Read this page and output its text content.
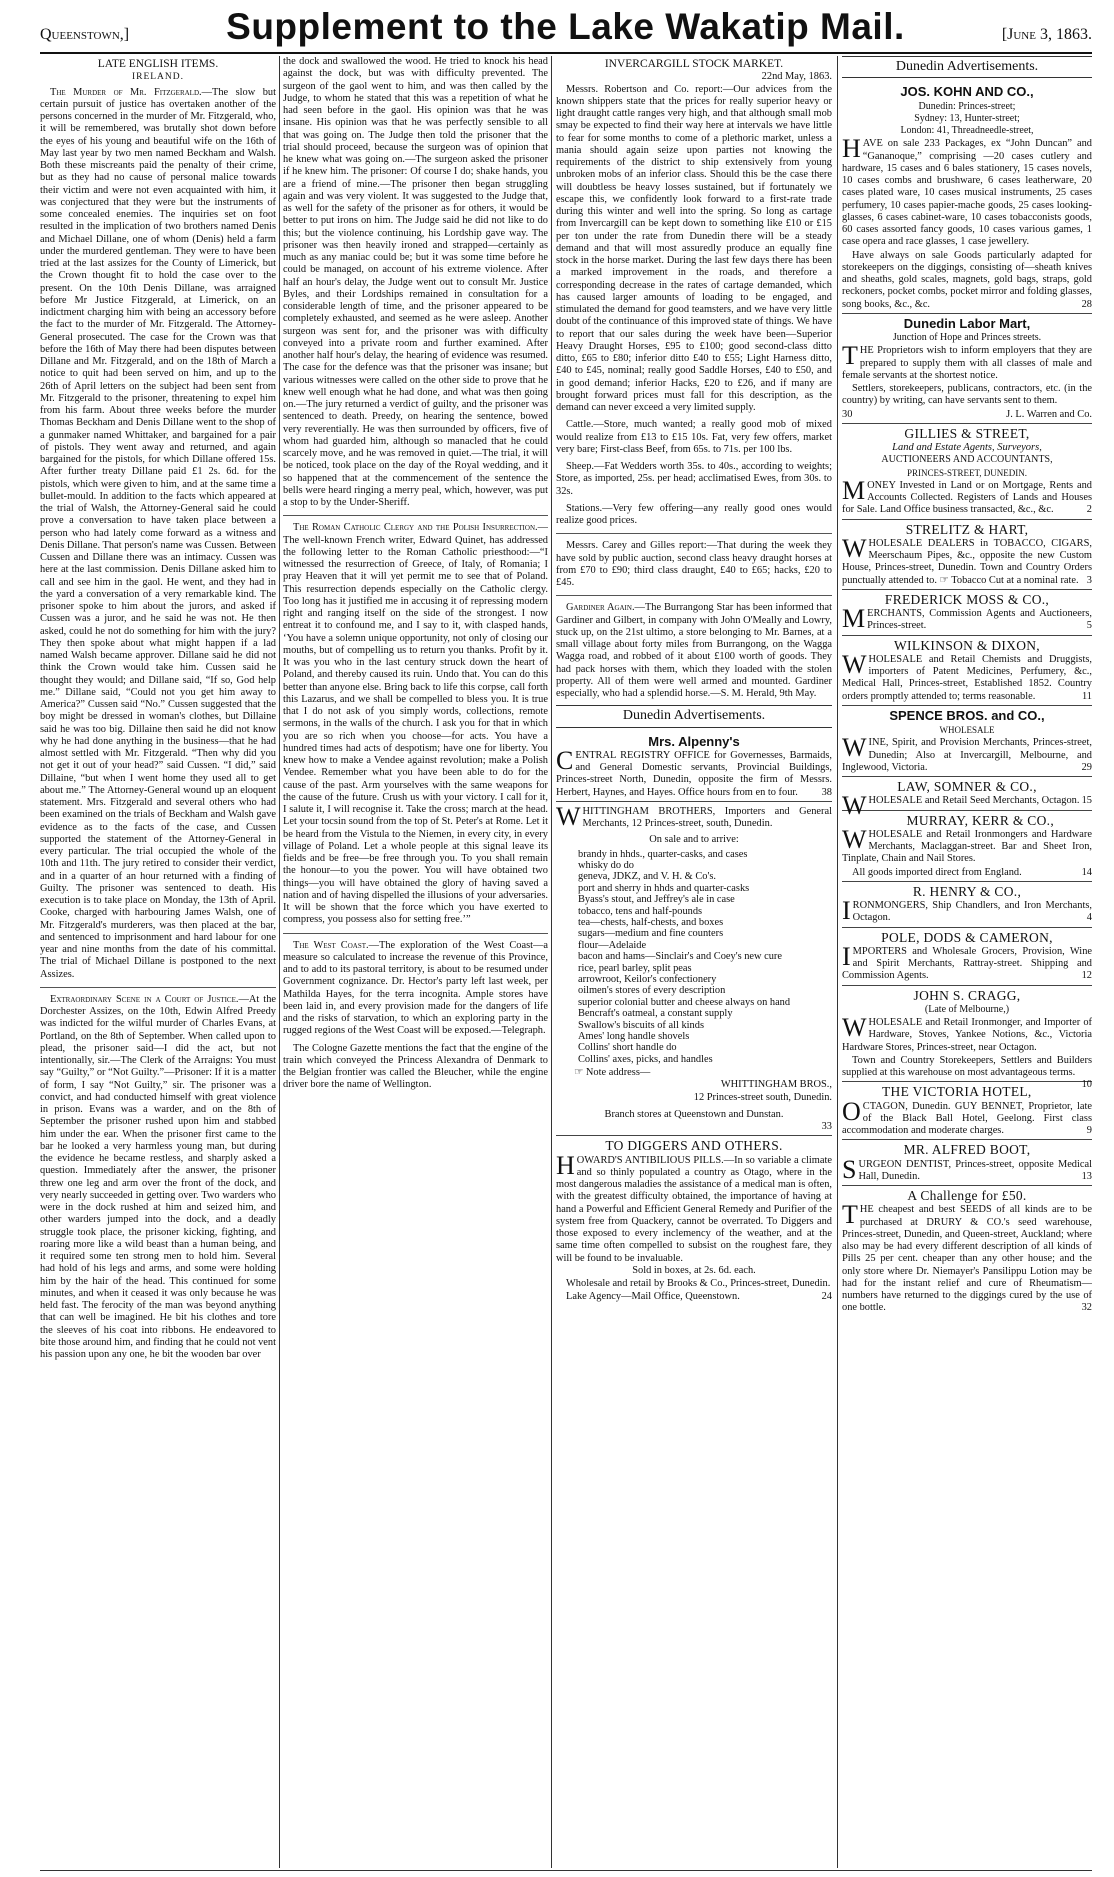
Queenstown,]	Supplement to the Lake Wakatip Mail.	[June 3, 1863.
LATE ENGLISH ITEMS.
IRELAND.

The Murder of Mr. Fitzgerald.—The slow but certain pursuit of justice has overtaken another of the persons concerned in the murder of Mr. Fitzgerald, who, it will be remembered, was brutally shot down before the eyes of his young and beautiful wife on the 16th of May last year by two men named Beckham and Walsh. Both these miscreants paid the penalty of their crime, but as they had no cause of personal malice towards their victim and were not even acquainted with him, it was conjectured that they were but the instruments of some concealed enemies. The inquiries set on foot resulted in the implication of two brothers named Denis and Michael Dillane, one of whom (Denis) held a farm under the murdered gentleman. They were to have been tried at the last assizes for the County of Limerick, but the Crown thought fit to hold the case over to the present. On the 10th Denis Dillane, was arraigned before Mr Justice Fitzgerald, at Limerick, on an indictment charging him with being an accessory before the fact to the murder of Mr. Fitzgerald. The Attorney-General prosecuted. The case for the Crown was that before the 16th of May there had been disputes between Dillane and Mr. Fitzgerald, and on the 18th of March a notice to quit had been served on him, and up to the 26th of April letters on the subject had been sent from Mr. Fitzgerald to the prisoner, threatening to expel him from his farm. About three weeks before the murder Thomas Beckham and Denis Dillane went to the shop of a gunmaker named Whittaker, and bargained for a pair of pistols. They went away and returned, and again bargained for the pistols, for which Dillane offered 15s. After further treaty Dillane paid £1 2s. 6d. for the pistols, which were given to him, and at the same time a bullet-mould. In addition to the facts which appeared at the trial of Walsh, the Attorney-General said he could prove a conversation to have taken place between a person who had lately come forward as a witness and Denis Dillane. That person's name was Cussen. Between Cussen and Dillane there was an intimacy. Cussen was here at the last commission. Denis Dillane asked him to call and see him in the gaol. He went, and they had in the yard a conversation of a very remarkable kind. The prisoner spoke to him about the jurors, and asked if Cussen was a juror, and he said he was not. He then asked, could he not do something for him with the jury? They then spoke about what might happen if a lad named Walsh became approver. Dillane said he did not think the Crown would take him. Cussen said he thought they would; and Dillane said, “If so, God help me.” Dillane said, “Could not you get him away to America?” Cussen said “No.” Cussen suggested that the boy might be dressed in woman's clothes, but Dillaine said he was too big. Dillaine then said he did not know why he had done anything in the business—that he had almost settled with Mr. Fitzgerald. “Then why did you not get it out of your head?” said Cussen. “I did,” said Dillaine, “but when I went home they used all to get about me.” The Attorney-General wound up an eloquent statement. Mrs. Fitzgerald and several others who had been examined on the trials of Beckham and Walsh gave evidence as to the facts of the case, and Cussen supported the statement of the Attorney-General in every particular. The trial occupied the whole of the 10th and 11th. The jury retired to consider their verdict, and in a quarter of an hour returned with a finding of Guilty. The prisoner was sentenced to death. His execution is to take place on Monday, the 13th of April. Cooke, charged with harbouring James Walsh, one of Mr. Fitzgerald's murderers, was then placed at the bar, and sentenced to imprisonment and hard labour for one year and nine months from the date of his committal. The trial of Michael Dillane is postponed to the next Assizes.

Extraordinary Scene in a Court of Justice.—At the Dorchester Assizes, on the 10th, Edwin Alfred Preedy was indicted for the wilful murder of Charles Evans, at Portland, on the 8th of September. When called upon to plead, the prisoner said—I did the act, but not intentionally, sir.—The Clerk of the Arraigns: You must say “Guilty,” or “Not Guilty.”—Prisoner: If it is a matter of form, I say “Not Guilty,” sir. The prisoner was a convict, and had conducted himself with great violence in prison. Evans was a warder, and on the 8th of September the prisoner rushed upon him and stabbed him under the ear. When the prisoner first came to the bar he looked a very harmless young man, but during the evidence he became restless, and sharply asked a question. Immediately after the answer, the prisoner threw one leg and arm over the front of the dock, and very nearly succeeded in getting over. Two warders who were in the dock rushed at him and seized him, and other warders jumped into the dock, and a deadly struggle took place, the prisoner kicking, fighting, and roaring more like a wild beast than a human being, and it required some ten strong men to hold him. Several had hold of his legs and arms, and some were holding him by the hair of the head. This continued for some minutes, and when it ceased it was only because he was held fast. The ferocity of the man was beyond anything that can well be imagined. He bit his clothes and tore the sleeves of his coat into ribbons. He endeavored to bite those around him, and finding that he could not vent his passion upon any one, he bit the wooden bar over

the dock and swallowed the wood. He tried to knock his head against the dock, but was with difficulty prevented. The surgeon of the gaol went to him, and was then called by the Judge, to whom he stated that this was a repetition of what he had seen before in the gaol. His opinion was that he was insane. His opinion was that he was perfectly sensible to all that was going on. The Judge then told the prisoner that the trial should proceed, because the surgeon was of opinion that he knew what was going on.—The surgeon asked the prisoner if he knew him. The prisoner: Of course I do; shake hands, you are a friend of mine.—The prisoner then began struggling again and was very violent. It was suggested to the Judge that, as well for the safety of the prisoner as for others, it would be better to put irons on him. The Judge said he did not like to do this; but the violence continuing, his Lordship gave way. The prisoner was then heavily ironed and strapped—certainly as much as any maniac could be; but it was some time before he could be managed, on account of his extreme violence. After half an hour's delay, the Judge went out to consult Mr. Justice Byles, and their Lordships remained in consultation for a considerable length of time, and the prisoner appeared to be completely exhausted, and seemed as he were asleep. Another surgeon was sent for, and the prisoner was with difficulty conveyed into a private room and further examined. After another half hour's delay, the hearing of evidence was resumed. The case for the defence was that the prisoner was insane; but various witnesses were called on the other side to prove that he knew well enough what he had done, and what was then going on.—The jury returned a verdict of guilty, and the prisoner was sentenced to death. Preedy, on hearing the sentence, bowed very reverentially. He was then surrounded by officers, five of whom had guarded him, although so manacled that he could scarcely move, and he was removed in quiet.—The trial, it will be noticed, took place on the day of the Royal wedding, and it so happened that at the commencement of the sentence the bells were heard ringing a merry peal, which, however, was put a stop to by the Under-Sheriff.

The Roman Catholic Clergy and the Polish Insurrection.—The well-known French writer, Edward Quinet, has addressed the following letter to the Roman Catholic priesthood:—“I witnessed the resurrection of Greece, of Italy, of Romania; I pray Heaven that it will yet permit me to see that of Poland. This resurrection depends especially on the Catholic clergy. Too long has it justified me in accusing it of repressing modern right and ranging itself on the side of the strongest. I now entreat it to confound me, and I say to it, with clasped hands, ‘You have a solemn unique opportunity, not only of closing our mouths, but of compelling us to return you thanks. Profit by it. It was you who in the last century struck down the heart of Poland, and thereby caused its ruin. Undo that. You can do this better than anyone else. Bring back to life this corpse, call forth this Lazarus, and we shall be compelled to bless you. It is true that I do not ask of you simply words, collections, remote sermons, in the walls of the church. I ask you for that in which you are so rich when you choose—for acts. You have a hundred times had acts of despotism; have one for liberty. You knew how to make a Vendee against revolution; make a Polish Vendee. Remember what you have been able to do for the cause of the past. Arm yourselves with the same weapons for the cause of the future. Crush us with your victory. I call for it, I salute it, I will recognise it. Take the cross; march at the head. Let your tocsin sound from the top of St. Peter's at Rome. Let it be heard from the Vistula to the Niemen, in every city, in every village of Poland. Let a whole people at this signal leave its fields and be free—be free through you. To you shall remain the honour—to you the power. You will have obtained two things—you will have obtained the glory of having saved a nation and of having dispelled the illusions of your adversaries. It will be shown that the force which you have exerted to compress, you possess also for setting free.’”

The West Coast.—The exploration of the West Coast—a measure so calculated to increase the revenue of this Province, and to add to its pastoral territory, is about to be resumed under Government cognizance. Dr. Hector's party left last week, per Mathilda Hayes, for the terra incognita. Ample stores have been laid in, and every provision made for the dangers of life and the risks of starvation, to which an exploring party in the rugged regions of the West Coast will be exposed.—Telegraph.

The Cologne Gazette mentions the fact that the engine of the train which conveyed the Princess Alexandra of Denmark to the Belgian frontier was called the Bleucher, while the engine driver bore the name of Wellington.

INVERCARGILL STOCK MARKET.
22nd May, 1863.

Messrs. Robertson and Co. report:—Our advices from the known shippers state that the prices for really superior heavy or light draught cattle ranges very high, and that although small mob smay be expected to find their way here at intervals we have little to fear for some months to come of a plethoric market, unless a mania should again seize upon parties not knowing the requirements of the district to ship extensively from young unbroken mobs of an inferior class. Should this be the case there will doubtless be heavy losses sustained, but if fortunately we escape this, we confidently look forward to a first-rate trade during this winter and well into the spring. So long as cartage from Invercargill can be kept down to something like £10 or £15 per ton under the rate from Dunedin there will be a steady demand and that will most assuredly produce an equally fine stock in the horse market. During the last few days there has been a marked improvement in the roads, and therefore a corresponding decrease in the rates of cartage demanded, which has caused larger amounts of loading to be engaged, and stimulated the demand for good teamsters, and we have very little doubt of the continuance of this improved state of things. We have to report that our sales during the week have been—Superior Heavy Draught Horses, £95 to £100; good second-class ditto ditto, £65 to £80; inferior ditto £40 to £55; Light Harness ditto, £40 to £45, nominal; really good Saddle Horses, £40 to £50, and in good demand; inferior Hacks, £20 to £26, and if many are brought forward prices must fall for this description, as the demand can never exceed a very limited supply.

Cattle.—Store, much wanted; a really good mob of mixed would realize from £13 to £15 10s. Fat, very few offers, market very bare; First-class Beef, from 65s. to 71s. per 100 lbs.

Sheep.—Fat Wedders worth 35s. to 40s., according to weights; Store, as imported, 25s. per head; acclimatised Ewes, from 30s. to 32s.

Stations.—Very few offering—any really good ones would realize good prices.

Messrs. Carey and Gilles report:—That during the week they have sold by public auction, second class heavy draught horses at from £70 to £90; third class draught, £40 to £65; hacks, £20 to £45.

Gardiner Again.—The Burrangong Star has been informed that Gardiner and Gilbert, in company with John O'Meally and Lowry, stuck up, on the 21st ultimo, a store belonging to Mr. Barnes, at a small village about forty miles from Burrangong, on the Wagga Wagga road, and robbed of it about £100 worth of goods. They had pack horses with them, which they loaded with the stolen property. All of them were well armed and mounted. Gardiner especially, who had a splendid horse.—S. M. Herald, 9th May.

Dunedin Advertisements.
Mrs. Alpenny's
CENTRAL REGISTRY OFFICE for Governesses, Barmaids, and General Domestic servants, Provincial Buildings, Princes-street North, Dunedin, opposite the firm of Messrs. Herbert, Haynes, and Hayes. Office hours from en to four. 38
WHITTINGHAM BROTHERS, Importers and General Merchants, 12 Princes-street, south, Dunedin.
On sale and to arrive:
brandy in hhds., quarter-casks, and cases
whisky do do
geneva, JDKZ, and V. H. & Co's.
port and sherry in hhds and quarter-casks
Byass's stout, and Jeffrey's ale in case
tobacco, tens and half-pounds
tea—chests, half-chests, and boxes
sugars—medium and fine counters
flour—Adelaide
bacon and hams—Sinclair's and Coey's new cure
rice, pearl barley, split peas
arrowroot, Keilor's confectionery
oilmen's stores of every description
superior colonial butter and cheese always on hand
Bencraft's oatmeal, a constant supply
Swallow's biscuits of all kinds
Ames' long handle shovels
Collins' short handle do
Collins' axes, picks, and handles
☞ Note address—
WHITTINGHAM BROS.,
12 Princes-street south, Dunedin.
Branch stores at Queenstown and Dunstan.
33
TO DIGGERS AND OTHERS.
HOWARD'S ANTIBILIOUS PILLS.—In so variable a climate and so thinly populated a country as Otago, where in the most dangerous maladies the assistance of a medical man is often, with the greatest difficulty obtained, the importance of having at hand a Powerful and Efficient General Remedy and Purifier of the system free from Quackery, cannot be overrated. To Diggers and those exposed to every inclemency of the weather, and at the same time often compelled to subsist on the roughest fare, they will be found to be invaluable.
Sold in boxes, at 2s. 6d. each.
Wholesale and retail by Brooks & Co., Princes-street, Dunedin.
Lake Agency—Mail Office, Queenstown.	24
Dunedin Advertisements.
JOS. KOHN AND CO.,
Dunedin: Princes-street;
Sydney: 13, Hunter-street;
London: 41, Threadneedle-street,
HAVE on sale 233 Packages, ex “John Duncan” and “Gananoque,” comprising —20 cases cutlery and hardware, 15 cases and 6 bales stationery, 15 cases novels, 10 cases combs and brushware, 6 cases leatherware, 20 cases plated ware, 10 cases musical instruments, 25 cases perfumery, 10 cases papier-mache goods, 25 cases looking-glasses, 6 cases cabinet-ware, 10 cases tobacconists goods, 60 cases assorted fancy goods, 10 cases various games, 1 case opera and race glasses, 1 case jewellery.
Have always on sale Goods particularly adapted for storekeepers on the diggings, consisting of—sheath knives and sheaths, gold scales, magnets, gold bags, straps, gold reckoners, pocket combs, pocket mirror and folding glasses, song books, &c., &c.	28
Dunedin Labor Mart,
Junction of Hope and Princes streets.
THE Proprietors wish to inform employers that they are prepared to supply them with all classes of male and female servants at the shortest notice.
Settlers, storekeepers, publicans, contractors, etc. (in the country) by writing, can have servants sent to them.
30	J. L. Warren and Co.
GILLIES & STREET,
Land and Estate Agents, Surveyors,
AUCTIONEERS AND ACCOUNTANTS,
PRINCES-STREET, DUNEDIN.
MONEY Invested in Land or on Mortgage, Rents and Accounts Collected. Registers of Lands and Houses for Sale. Land Office business transacted, &c., &c.	2
STRELITZ & HART,
WHOLESALE DEALERS in TOBACCO, CIGARS, Meerschaum Pipes, &c., opposite the new Custom House, Princes-street, Dunedin. Town and Country Orders punctually attended to. ☞ Tobacco Cut at a nominal rate. 3
FREDERICK MOSS & CO.,
MERCHANTS, Commission Agents and Auctioneers, Princes-street.	5
WILKINSON & DIXON,
WHOLESALE and Retail Chemists and Druggists, importers of Patent Medicines, Perfumery, &c., Medical Hall, Princes-street, Established 1852. Country orders promptly attended to; terms reasonable.	11
SPENCE BROS. and CO.,
WHOLESALE
WINE, Spirit, and Provision Merchants, Princes-street, Dunedin; Also at Invercargill, Melbourne, and Inglewood, Victoria.	29
LAW, SOMNER & CO.,
WHOLESALE and Retail Seed Merchants, Octagon. 15
MURRAY, KERR & CO.,
WHOLESALE and Retail Ironmongers and Hardware Merchants, Maclaggan-street. Bar and Sheet Iron, Tinplate, Chain and Nail Stores.
All goods imported direct from England.	14
R. HENRY & CO.,
IRONMONGERS, Ship Chandlers, and Iron Merchants, Octagon.	4
POLE, DODS & CAMERON,
IMPORTERS and Wholesale Grocers, Provision, Wine and Spirit Merchants, Rattray-street. Shipping and Commission Agents.	12
JOHN S. CRAGG,
(Late of Melbourne,)
WHOLESALE and Retail Ironmonger, and Importer of Hardware, Stoves, Yankee Notions, &c., Victoria Hardware Stores, Princes-street, near Octagon.
Town and Country Storekeepers, Settlers and Builders supplied at this warehouse on most advantageous terms.
10
THE VICTORIA HOTEL,
OCTAGON, Dunedin. GUY BENNET, Proprietor, late of the Black Ball Hotel, Geelong. First class accommodation and moderate charges.	9
MR. ALFRED BOOT,
SURGEON DENTIST, Princes-street, opposite Medical Hall, Dunedin.	13
A Challenge for £50.
THE cheapest and best SEEDS of all kinds are to be purchased at DRURY & CO.'s seed warehouse, Princes-street, Dunedin, and Queen-street, Auckland; where also may be had every different description of all kinds of Pills 25 per cent. cheaper than any other house; and the only store where Dr. Niemayer's Pansilippu Lotion may be had for the instant relief and cure of Rheumatism—numbers have returned to the diggings cured by the use of one bottle.	32
